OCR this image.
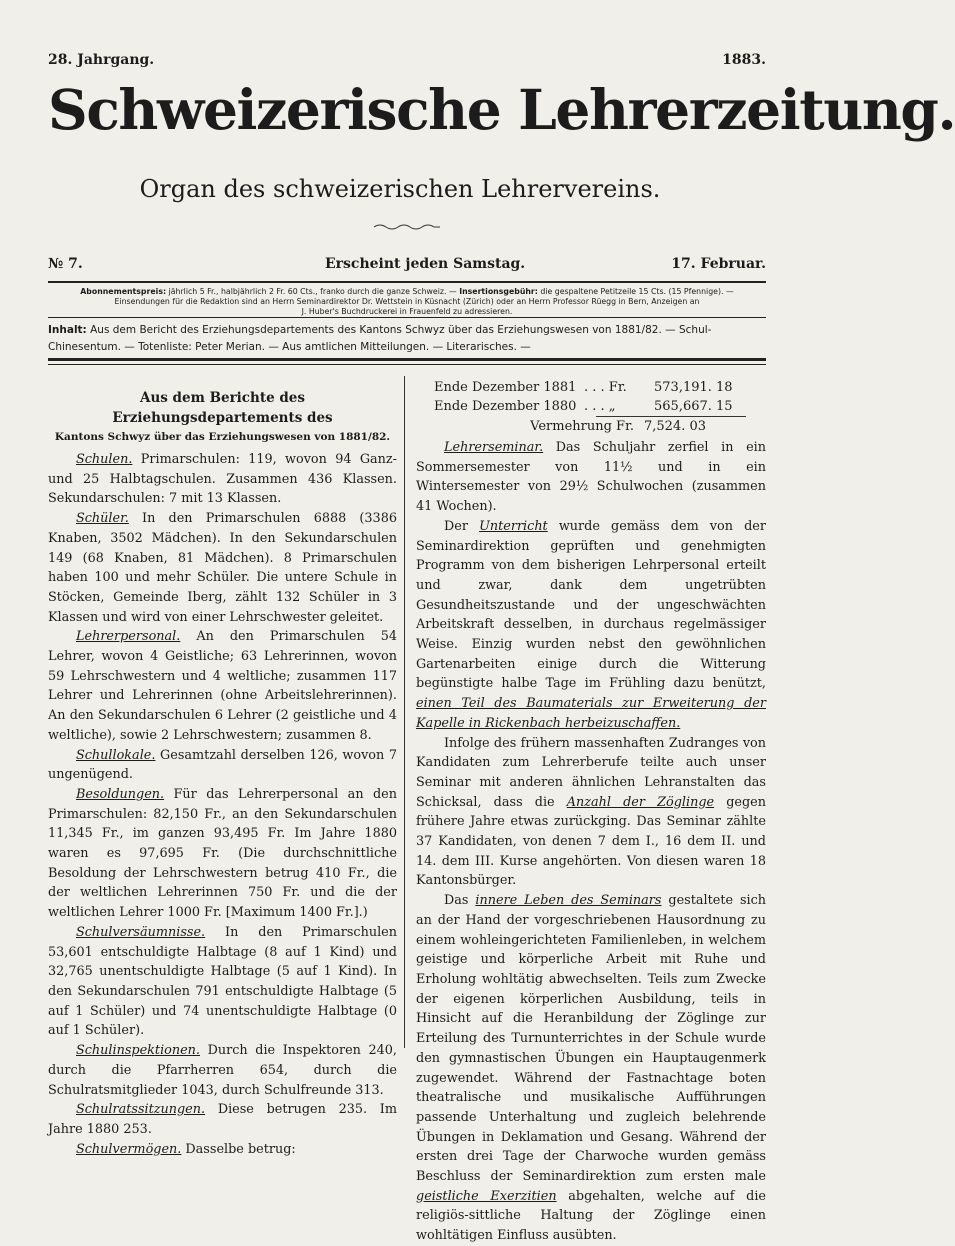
28. Jahrgang.	1883.
Schweizerische Lehrerzeitung.
Organ des schweizerischen Lehrervereins.
№ 7.	Erscheint jeden Samstag.	17. Februar.
Abonnementspreis: jährlich 5 Fr., halbjährlich 2 Fr. 60 Cts., franko durch die ganze Schweiz. — Insertionsgebühr: die gespaltene Petitzeile 15 Cts. (15 Pfennige). —
Einsendungen für die Redaktion sind an Herrn Seminardirektor Dr. Wettstein in Küsnacht (Zürich) oder an Herrn Professor Rüegg in Bern, Anzeigen an
J. Huber's Buchdruckerei in Frauenfeld zu adressieren.
Inhalt: Aus dem Bericht des Erziehungsdepartements des Kantons Schwyz über das Erziehungswesen von 1881/82. — Schul-
Chinesentum. — Totenliste: Peter Merian. — Aus amtlichen Mitteilungen. — Literarisches. —
Aus dem Berichte des Erziehungsdepartements des
Kantons Schwyz über das Erziehungswesen von 1881/82.

Schulen. Primarschulen: 119, wovon 94 Ganz- und 25 Halbtagschulen. Zusammen 436 Klassen. Sekundarschulen: 7 mit 13 Klassen.

Schüler. In den Primarschulen 6888 (3386 Knaben, 3502 Mädchen). In den Sekundarschulen 149 (68 Knaben, 81 Mädchen). 8 Primarschulen haben 100 und mehr Schüler. Die untere Schule in Stöcken, Gemeinde Iberg, zählt 132 Schüler in 3 Klassen und wird von einer Lehrschwester geleitet.

Lehrerpersonal. An den Primarschulen 54 Lehrer, wovon 4 Geistliche; 63 Lehrerinnen, wovon 59 Lehrschwestern und 4 weltliche; zusammen 117 Lehrer und Lehrerinnen (ohne Arbeitslehrerinnen). An den Sekundarschulen 6 Lehrer (2 geistliche und 4 weltliche), sowie 2 Lehrschwestern; zusammen 8.

Schullokale. Gesamtzahl derselben 126, wovon 7 ungenügend.

Besoldungen. Für das Lehrerpersonal an den Primarschulen: 82,150 Fr., an den Sekundarschulen 11,345 Fr., im ganzen 93,495 Fr. Im Jahre 1880 waren es 97,695 Fr. (Die durchschnittliche Besoldung der Lehrschwestern betrug 410 Fr., die der weltlichen Lehrerinnen 750 Fr. und die der weltlichen Lehrer 1000 Fr. [Maximum 1400 Fr.].)

Schulversäumnisse. In den Primarschulen 53,601 entschuldigte Halbtage (8 auf 1 Kind) und 32,765 unentschuldigte Halbtage (5 auf 1 Kind). In den Sekundarschulen 791 entschuldigte Halbtage (5 auf 1 Schüler) und 74 unentschuldigte Halbtage (0 auf 1 Schüler).

Schulinspektionen. Durch die Inspektoren 240, durch die Pfarrherren 654, durch die Schulratsmitglieder 1043, durch Schulfreunde 313.

Schulratssitzungen. Diese betrugen 235. Im Jahre 1880 253.

Schulvermögen. Dasselbe betrug:

Ende Dezember 1881 . . . Fr.	573,191. 18
Ende Dezember 1880 . . . „	565,667. 15
Vermehrung Fr. 7,524. 03

Lehrerseminar. Das Schuljahr zerfiel in ein Sommersemester von 11½ und in ein Wintersemester von 29½ Schulwochen (zusammen 41 Wochen).

Der Unterricht wurde gemäss dem von der Seminardirektion geprüften und genehmigten Programm von dem bisherigen Lehrpersonal erteilt und zwar, dank dem ungetrübten Gesundheitszustande und der ungeschwächten Arbeitskraft desselben, in durchaus regelmässiger Weise. Einzig wurden nebst den gewöhnlichen Gartenarbeiten einige durch die Witterung begünstigte halbe Tage im Frühling dazu benützt, einen Teil des Baumaterials zur Erweiterung der Kapelle in Rickenbach herbeizuschaffen.

Infolge des frühern massenhaften Zudranges von Kandidaten zum Lehrerberufe teilte auch unser Seminar mit anderen ähnlichen Lehranstalten das Schicksal, dass die Anzahl der Zöglinge gegen frühere Jahre etwas zurückging. Das Seminar zählte 37 Kandidaten, von denen 7 dem I., 16 dem II. und 14. dem III. Kurse angehörten. Von diesen waren 18 Kantonsbürger.

Das innere Leben des Seminars gestaltete sich an der Hand der vorgeschriebenen Hausordnung zu einem wohleingerichteten Familienleben, in welchem geistige und körperliche Arbeit mit Ruhe und Erholung wohltätig abwechselten. Teils zum Zwecke der eigenen körperlichen Ausbildung, teils in Hinsicht auf die Heranbildung der Zöglinge zur Erteilung des Turnunterrichtes in der Schule wurde den gymnastischen Übungen ein Hauptaugenmerk zugewendet. Während der Fastnachtage boten theatralische und musikalische Aufführungen passende Unterhaltung und zugleich belehrende Übungen in Deklamation und Gesang. Während der ersten drei Tage der Charwoche wurden gemäss Beschluss der Seminardirektion zum ersten male geistliche Exerzitien abgehalten, welche auf die religiös-sittliche Haltung der Zöglinge einen wohltätigen Einfluss ausübten.
